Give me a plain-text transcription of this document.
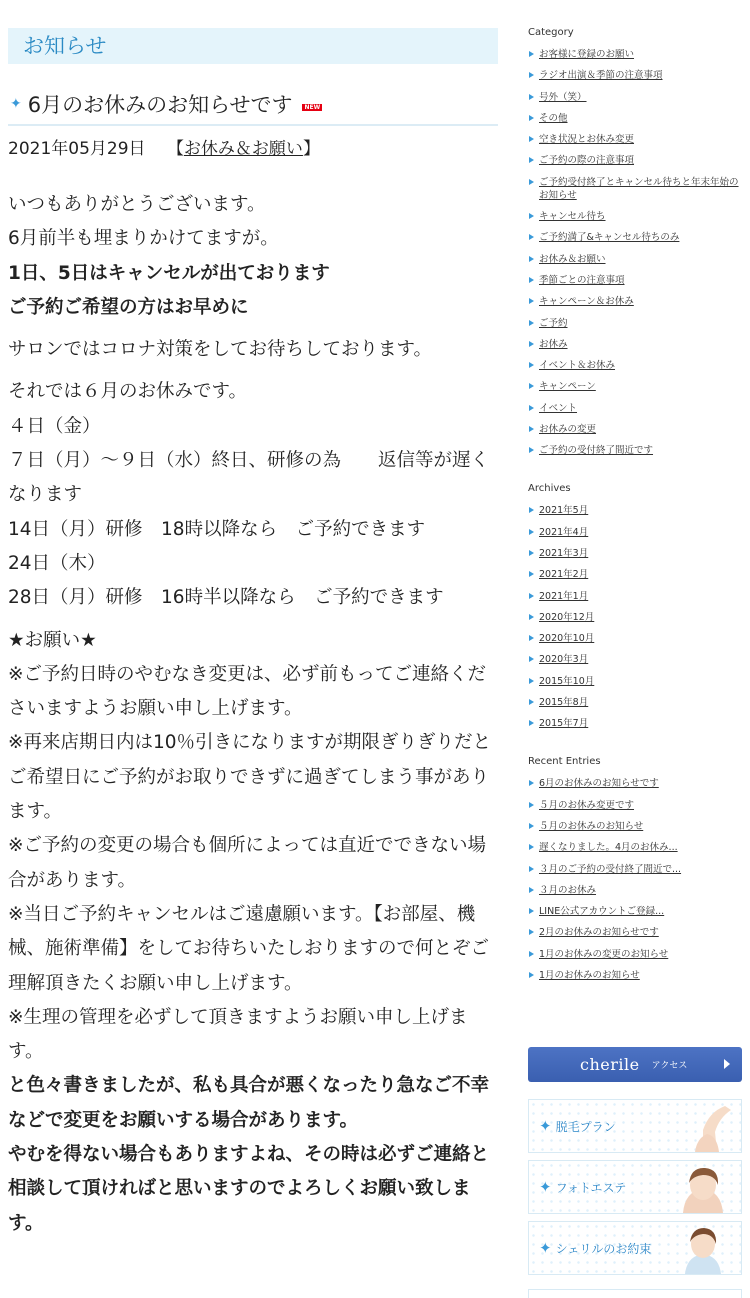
お知らせ
✦ 6月のお休みのお知らせです	NEW
2021年05月29日 【お休み＆お願い】

いつもありがとうございます。

6月前半も埋まりかけてますが。

1日、5日はキャンセルが出ております

ご予約ご希望の方はお早めに

サロンではコロナ対策をしてお待ちしております。

それでは６月のお休みです。

４日（金）

７日（月）～９日（水）終日、研修の為　　返信等が遅くなります

14日（月）研修　18時以降なら　ご予約できます

24日（木）

28日（月）研修　16時半以降なら　ご予約できます

★お願い★

※ご予約日時のやむなき変更は、必ず前もってご連絡くださいますようお願い申し上げます。

※再来店期日内は10％引きになりますが期限ぎりぎりだとご希望日にご予約がお取りできずに過ぎてしまう事があります。

※ご予約の変更の場合も個所によっては直近でできない場合があります。

※当日ご予約キャンセルはご遠慮願います。【お部屋、機械、施術準備】をしてお待ちいたしおりますので何とぞご理解頂きたくお願い申し上げます。

※生理の管理を必ずして頂きますようお願い申し上げます。

と色々書きましたが、私も具合が悪くなったり急なご不幸などで変更をお願いする場合があります。

やむを得ない場合もありますよね、その時は必ずご連絡と相談して頂ければと思いますのでよろしくお願い致します。

Category
お客様に登録のお願い
ラジオ出演＆季節の注意事項
号外（笑）
その他
空き状況とお休み変更
ご予約の際の注意事項
ご予約受付終了とキャンセル待ちと年末年始のお知らせ
キャンセル待ち
ご予約満了&キャンセル待ちのみ
お休み＆お願い
季節ごとの注意事項
キャンペーン＆お休み
ご予約
お休み
イベント＆お休み
キャンペーン
イベント
お休みの変更
ご予約の受付終了間近です
Archives
2021年5月
2021年4月
2021年3月
2021年2月
2021年1月
2020年12月
2020年10月
2020年3月
2015年10月
2015年8月
2015年7月
Recent Entries
6月のお休みのお知らせです
５月のお休み変更です
５月のお休みのお知らせ
遅くなりました。4月のお休み...
３月のご予約の受付終了間近で...
３月のお休み
LINE公式アカウントご登録...
2月のお休みのお知らせです
1月のお休みの変更のお知らせ
1月のお休みのお知らせ
cherile アクセス
✦ 脱毛プラン
✦ フォトエステ
✦ シェリルのお約束
